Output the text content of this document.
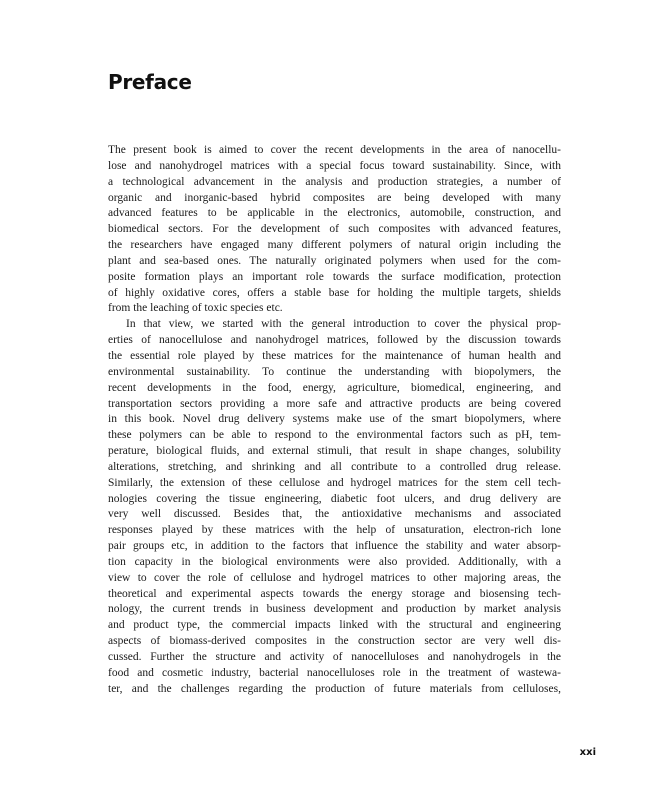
Preface
The present book is aimed to cover the recent developments in the area of nanocellu-
lose and nanohydrogel matrices with a special focus toward sustainability. Since, with
a technological advancement in the analysis and production strategies, a number of
organic and inorganic-based hybrid composites are being developed with many
advanced features to be applicable in the electronics, automobile, construction, and
biomedical sectors. For the development of such composites with advanced features,
the researchers have engaged many different polymers of natural origin including the
plant and sea-based ones. The naturally originated polymers when used for the com-
posite formation plays an important role towards the surface modification, protection
of highly oxidative cores, offers a stable base for holding the multiple targets, shields
from the leaching of toxic species etc.
In that view, we started with the general introduction to cover the physical prop-
erties of nanocellulose and nanohydrogel matrices, followed by the discussion towards
the essential role played by these matrices for the maintenance of human health and
environmental sustainability. To continue the understanding with biopolymers, the
recent developments in the food, energy, agriculture, biomedical, engineering, and
transportation sectors providing a more safe and attractive products are being covered
in this book. Novel drug delivery systems make use of the smart biopolymers, where
these polymers can be able to respond to the environmental factors such as pH, tem-
perature, biological fluids, and external stimuli, that result in shape changes, solubility
alterations, stretching, and shrinking and all contribute to a controlled drug release.
Similarly, the extension of these cellulose and hydrogel matrices for the stem cell tech-
nologies covering the tissue engineering, diabetic foot ulcers, and drug delivery are
very well discussed. Besides that, the antioxidative mechanisms and associated
responses played by these matrices with the help of unsaturation, electron-rich lone
pair groups etc, in addition to the factors that influence the stability and water absorp-
tion capacity in the biological environments were also provided. Additionally, with a
view to cover the role of cellulose and hydrogel matrices to other majoring areas, the
theoretical and experimental aspects towards the energy storage and biosensing tech-
nology, the current trends in business development and production by market analysis
and product type, the commercial impacts linked with the structural and engineering
aspects of biomass-derived composites in the construction sector are very well dis-
cussed. Further the structure and activity of nanocelluloses and nanohydrogels in the
food and cosmetic industry, bacterial nanocelluloses role in the treatment of wastewa-
ter, and the challenges regarding the production of future materials from celluloses,
xxi
